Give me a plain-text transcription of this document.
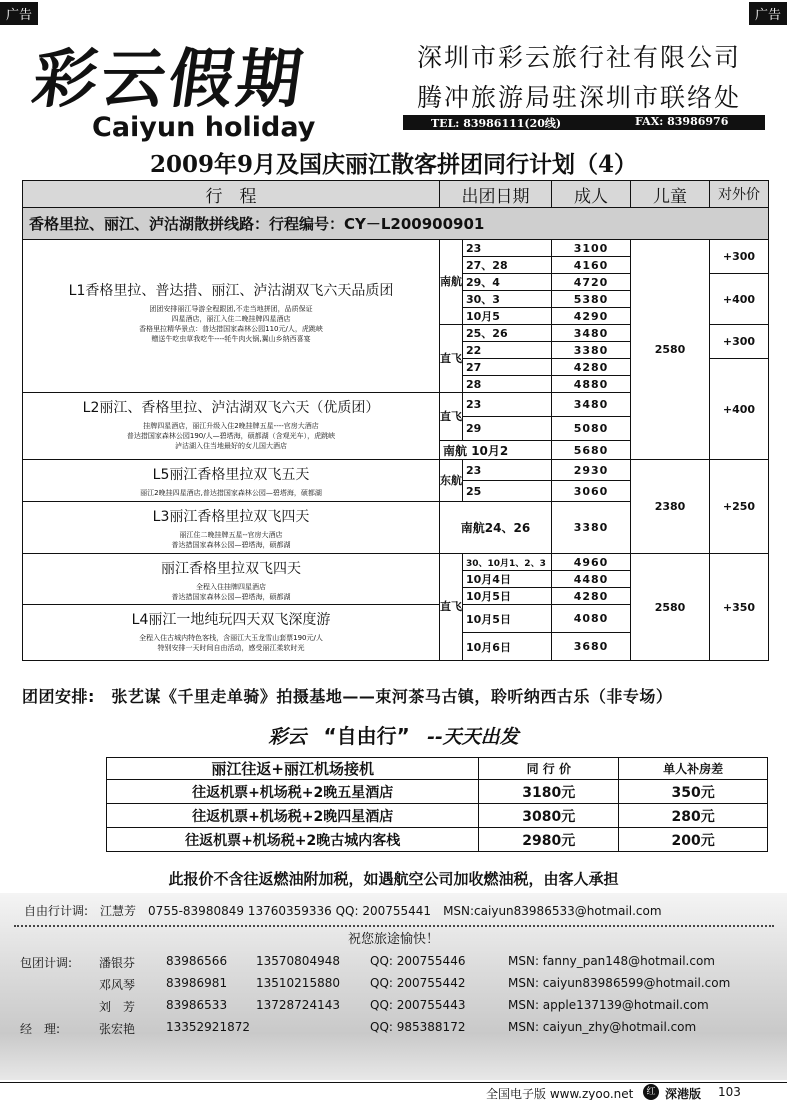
广告	广告
彩云假期
Caiyun holiday
深圳市彩云旅行社有限公司
腾冲旅游局驻深圳市联络处
TEL: 83986111(20线)	FAX: 83986976
2009年9月及国庆丽江散客拼团同行计划（4）
行　程	出团日期		成人	儿童	对外价
香格里拉、丽江、泸沽湖散拼线路：行程编号：CY－L200900901					

L1香格里拉、普达措、丽江、泸沽湖双飞六天品质团
团团安排丽江导游全程跟团,不走当地拼团，品质保证
四星酒店，丽江入住二晚挂牌四星酒店
香格里拉精华景点：普达措国家森林公园110元/人，虎跳峡
赠送牛吃虫草我吃牛----牦牛肉火锅,翼山乡纳西喜宴	南航	23	3100	2580	+300
		27、28	4160		
		29、4	4720		+400
		30、3	5380		
		10月5	4290		
	直飞	25、26	3480		+300
		22	3380		
		27	4280		+400
		28	4880		

L2丽江、香格里拉、泸沽湖双飞六天（优质团）
挂牌四星酒店，丽江升级入住2晚挂牌五星----官房大酒店
普达措国家森林公园190/人—碧塔海，硕都湖（含观光车），虎跳峡
泸沽湖入住当地最好的女儿国大酒店	直飞	23	3480		
		29	5080		
	南航 10月2		5680		

L5丽江香格里拉双飞五天
丽江2晚挂四星酒店,普达措国家森林公园—碧塔海，硕都湖	东航	23	2930	2380	+250
		25	3060		

L3丽江香格里拉双飞四天
丽江住二晚挂牌五星--官房大酒店
普达措国家森林公园—碧塔海，硕都湖	南航24、26		3380		

丽江香格里拉双飞四天
全程入住挂牌四星酒店
普达措国家森林公园—碧塔海，硕都湖	直飞	30、10月1、2、3	4960	2580	+350
		10月4日	4480		
		10月5日	4280		

L4丽江一地纯玩四天双飞深度游
全程入住古城内特色客栈，含丽江大玉龙雪山套票190元/人
特别安排一天时间自由活动，感受丽江柔软时光		10月5日	4080		
		10月6日	3680		
团团安排:　张艺谋《千里走单骑》拍摄基地——束河茶马古镇，聆听纳西古乐（非专场）
彩云 “自由行” --天天出发
丽江往返+丽江机场接机	同 行 价	单人补房差
往返机票+机场税+2晚五星酒店	3180元	350元
往返机票+机场税+2晚四星酒店	3080元	280元
往返机票+机场税+2晚古城内客栈	2980元	200元
此报价不含往返燃油附加税，如遇航空公司加收燃油税，由客人承担
自由行计调:　江慧芳　0755-83980849 13760359336 QQ: 200755441　MSN:caiyun83986533@hotmail.com
祝您旅途愉快！
包团计调:
经　理:
潘银芬	83986566 13570804948	QQ: 200755446	MSN: fanny_pan148@hotmail.com
邓风琴	83986981 13510215880	QQ: 200755442	MSN: caiyun83986599@hotmail.com
刘　芳	83986533 13728724143	QQ: 200755443	MSN: apple137139@hotmail.com
张宏艳	13352921872	QQ: 985388172	MSN: caiyun_zhy@hotmail.com
全国电子版 www.zyoo.net	红 深港版 103
